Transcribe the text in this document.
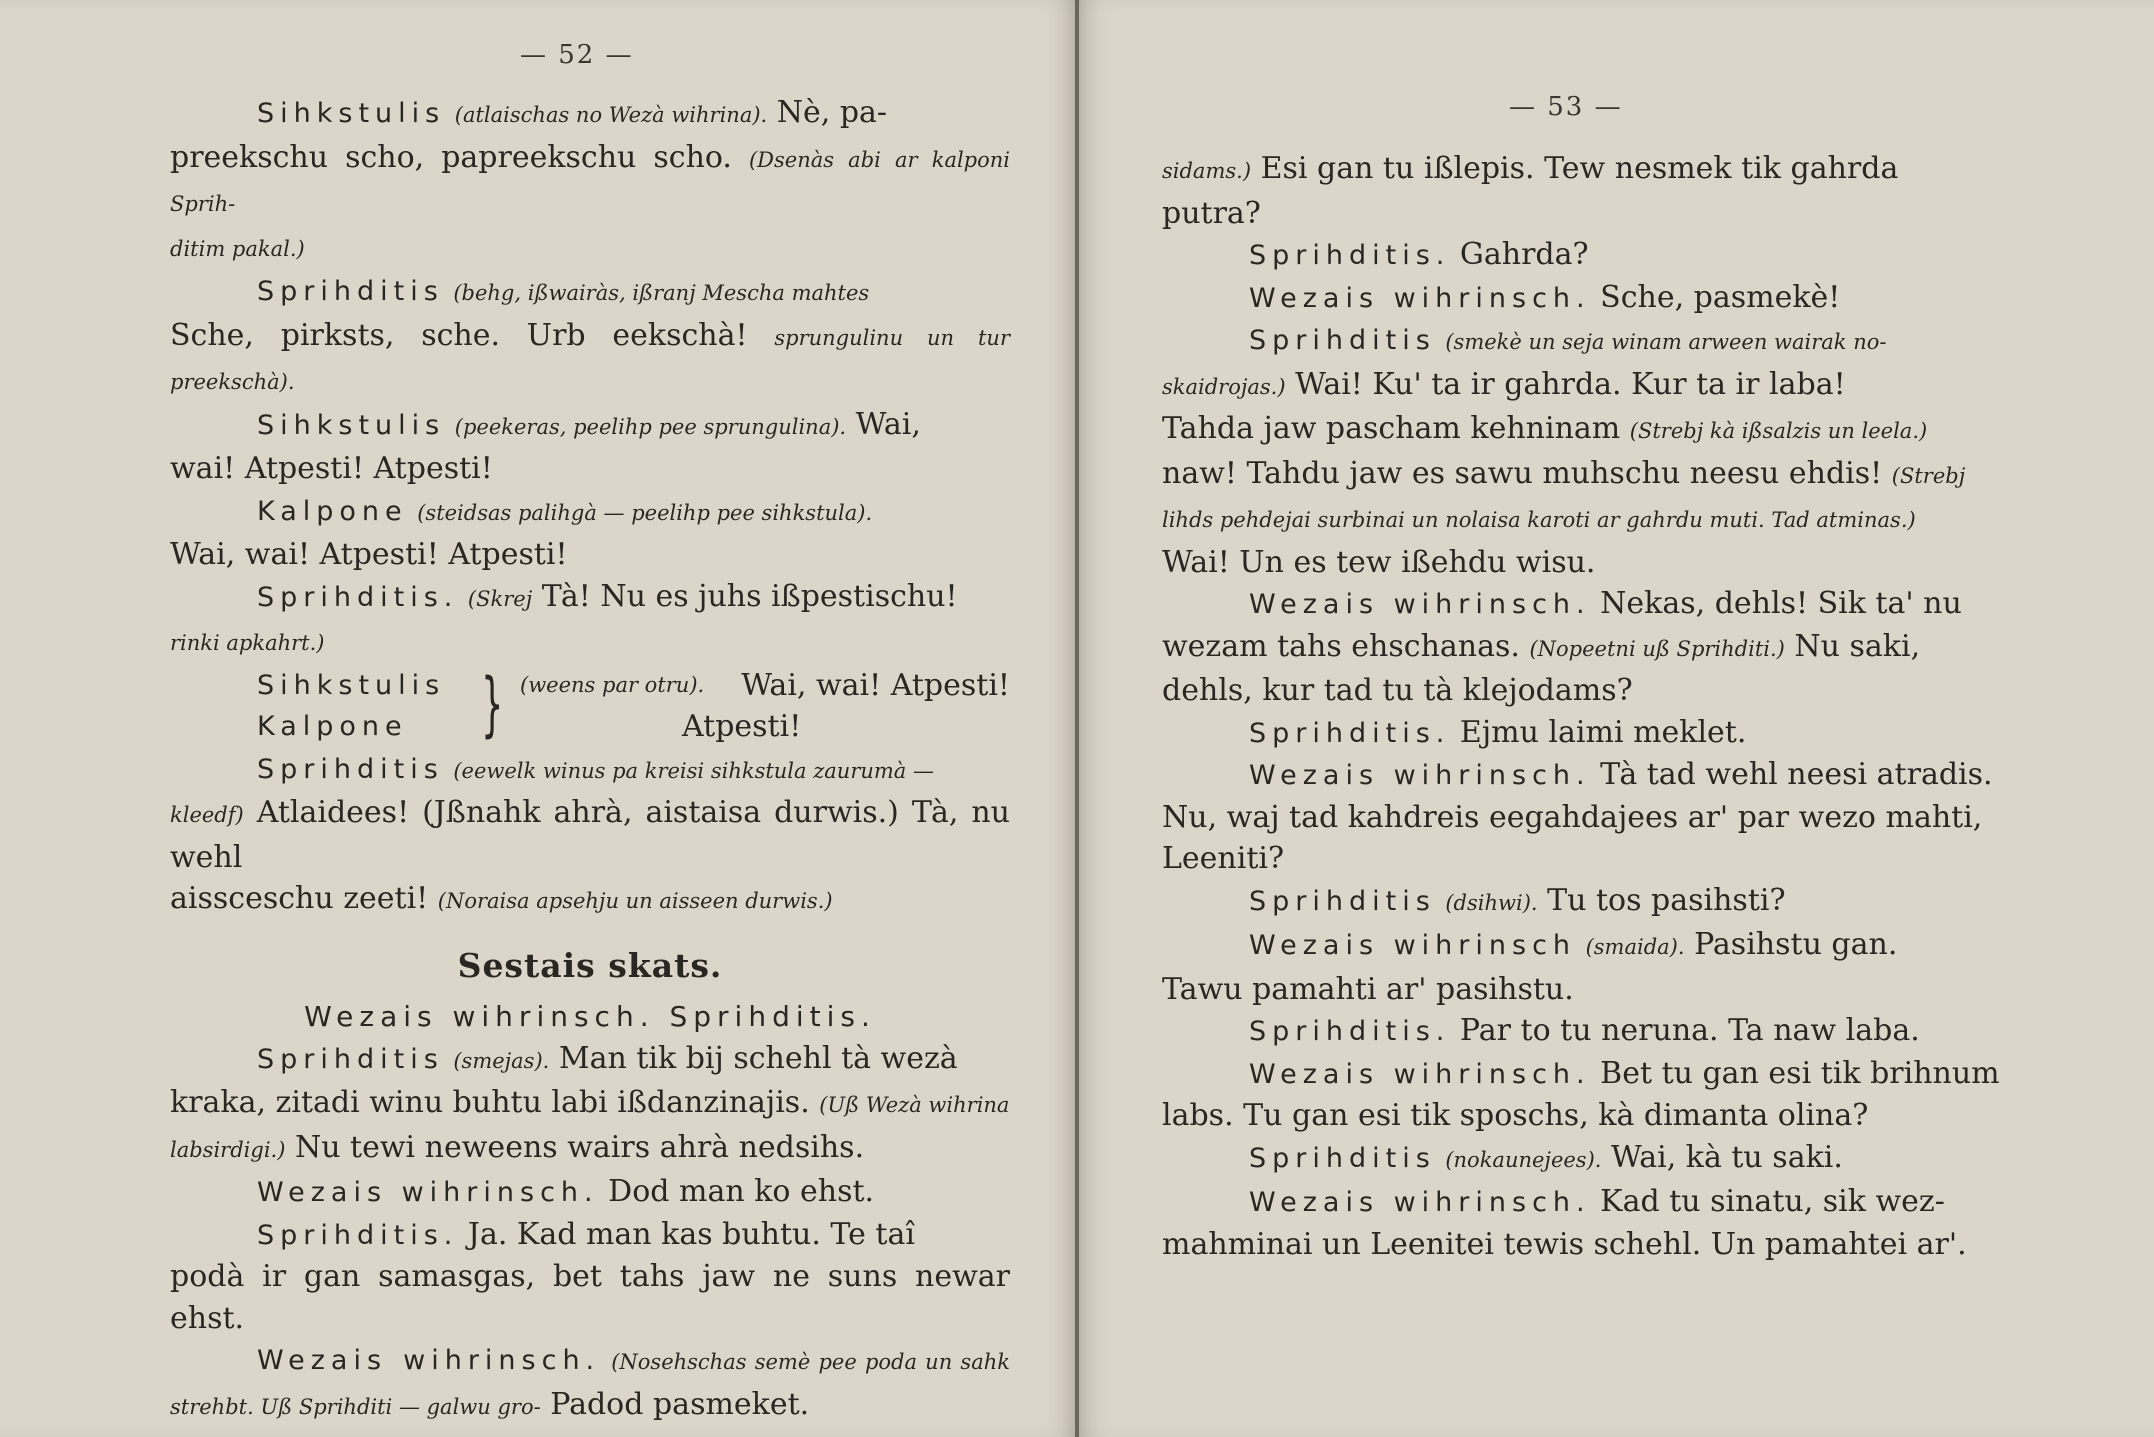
— 52 —
Sihkstulis (atlaischas no Wezà wihrina). Nè, pa-
preekschu scho, papreekschu scho. (Dsenàs abi ar kalponi Sprih-
ditim pakal.)
Sprihditis (behg, ißwairàs, ißranj Mescha mahtes
Sche, pirksts, sche. Urb eekschà! sprungulinu un tur preekschà).
Sihkstulis (peekeras, peelihp pee sprungulina). Wai,
wai! Atpesti! Atpesti!
Kalpone (steidsas palihgà — peelihp pee sihkstula).
Wai, wai! Atpesti! Atpesti!
Sprihditis. (Skrej Tà! Nu es juhs ißpestischu!
rinki apkahrt.)
Sihkstulis
Kalpone } (weens par otru). Wai, wai! Atpesti!
Atpesti!
Sprihditis (eewelk winus pa kreisi sihkstula zaurumà —
kleedf) Atlaidees! (Jßnahk ahrà, aistaisa durwis.) Tà, nu wehl
aissceschu zeeti! (Noraisa apsehju un aisseen durwis.)
Sestais skats.
Wezais wihrinsch. Sprihditis.
Sprihditis (smejas). Man tik bij schehl tà wezà
kraka, zitadi winu buhtu labi ißdanzinajis. (Uß Wezà wihrina
labsirdigi.) Nu tewi neweens wairs ahrà nedsihs.
Wezais wihrinsch. Dod man ko ehst.
Sprihditis. Ja. Kad man kas buhtu. Te taî
podà ir gan samasgas, bet tahs jaw ne suns newar ehst.
Wezais wihrinsch. (Nosehschas semè pee poda un sahk strehbt. Uß Sprihditi — galwu gro- Padod pasmeket.
— 53 —
sidams.) Esi gan tu ißlepis. Tew nesmek tik gahrda
putra?
Sprihditis. Gahrda?
Wezais wihrinsch. Sche, pasmekè!
Sprihditis (smekè un seja winam arween wairak no-
skaidrojas.) Wai! Ku' ta ir gahrda. Kur ta ir laba!
Tahda jaw pascham kehninam (Strebj kà ißsalzis un leela.)
naw! Tahdu jaw es sawu muhschu neesu ehdis! (Strebj
lihds pehdejai surbinai un nolaisa karoti ar gahrdu muti. Tad atminas.)
Wai! Un es tew ißehdu wisu.
Wezais wihrinsch. Nekas, dehls! Sik ta' nu
wezam tahs ehschanas. (Nopeetni uß Sprihditi.) Nu saki,
dehls, kur tad tu tà klejodams?
Sprihditis. Ejmu laimi meklet.
Wezais wihrinsch. Tà tad wehl neesi atradis.
Nu, waj tad kahdreis eegahdajees ar' par wezo mahti,
Leeniti?
Sprihditis (dsihwi). Tu tos pasihsti?
Wezais wihrinsch (smaida). Pasihstu gan.
Tawu pamahti ar' pasihstu.
Sprihditis. Par to tu neruna. Ta naw laba.
Wezais wihrinsch. Bet tu gan esi tik brihnum
labs. Tu gan esi tik sposchs, kà dimanta olina?
Sprihditis (nokaunejees). Wai, kà tu saki.
Wezais wihrinsch. Kad tu sinatu, sik wez-
mahminai un Leenitei tewis schehl. Un pamahtei ar'.
